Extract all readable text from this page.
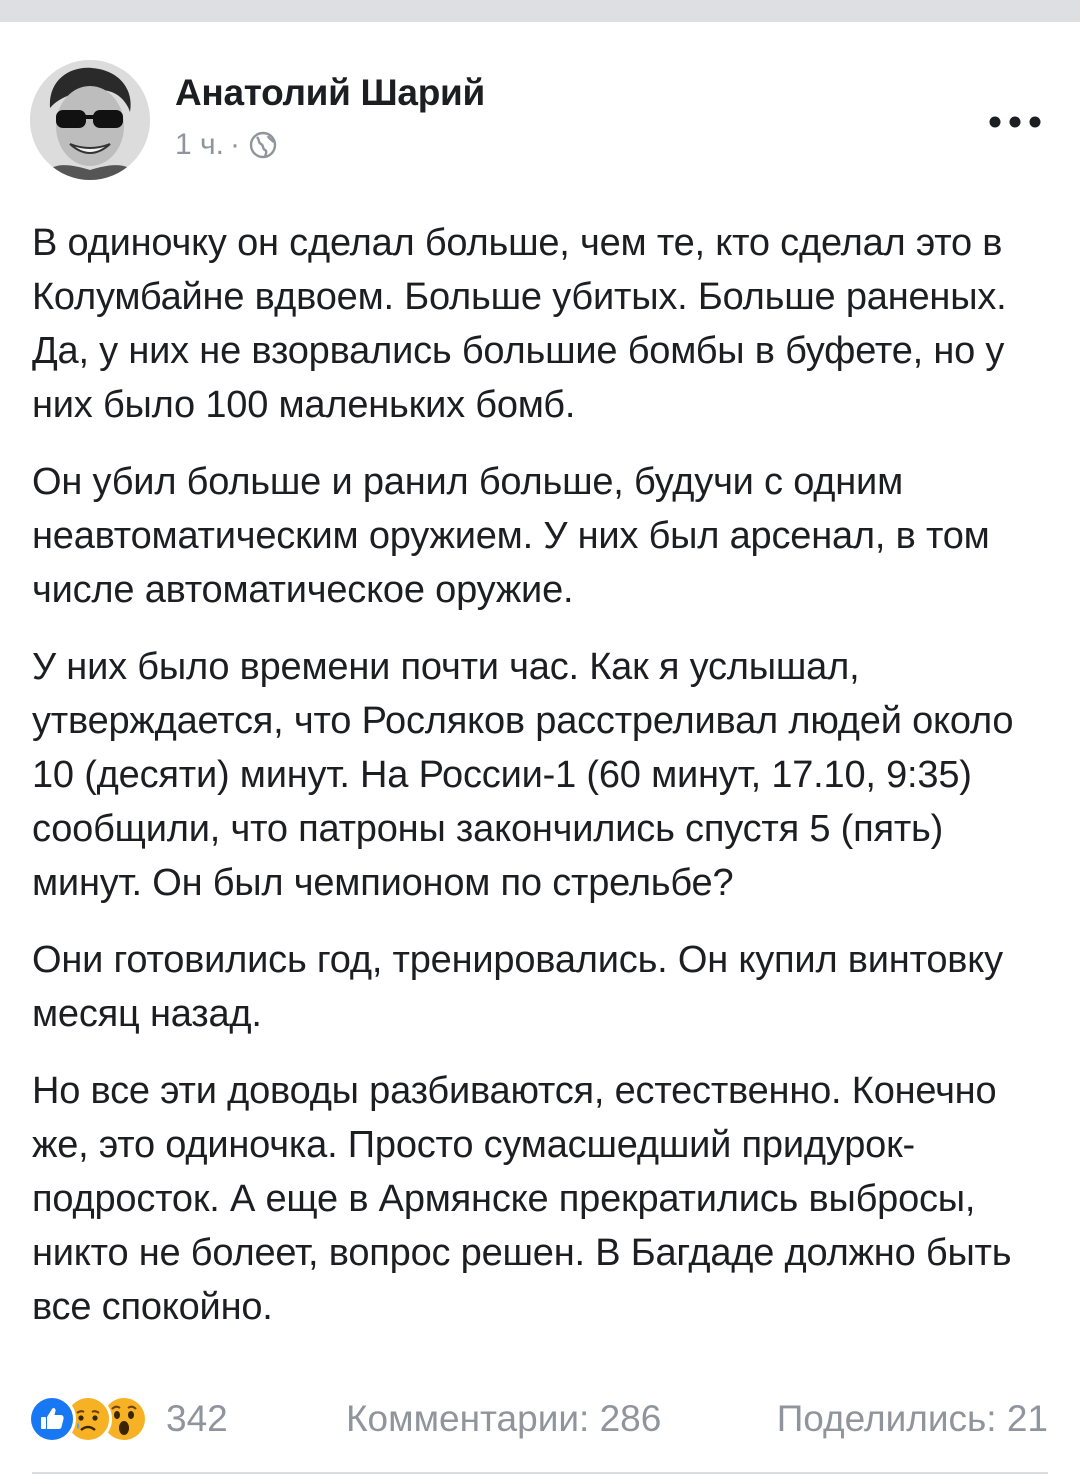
Анатолий Шарий
1 ч. ·

В одиночку он сделал больше, чем те, кто сделал это в Колумбайне вдвоем. Больше убитых. Больше раненых. Да, у них не взорвались большие бомбы в буфете, но у них было 100 маленьких бомб.

Он убил больше и ранил больше, будучи с одним неавтоматическим оружием. У них был арсенал, в том числе автоматическое оружие.

У них было времени почти час. Как я услышал, утверждается, что Росляков расстреливал людей около 10 (десяти) минут. На России-1 (60 минут, 17.10, 9:35) сообщили, что патроны закончились спустя 5 (пять) минут. Он был чемпионом по стрельбе?

Они готовились год, тренировались. Он купил винтовку месяц назад.

Но все эти доводы разбиваются, естественно. Конечно же, это одиночка. Просто сумасшедший придурок-подросток. А еще в Армянске прекратились выбросы, никто не болеет, вопрос решен. В Багдаде должно быть все спокойно.

342	Комментарии: 286	Поделились: 21
